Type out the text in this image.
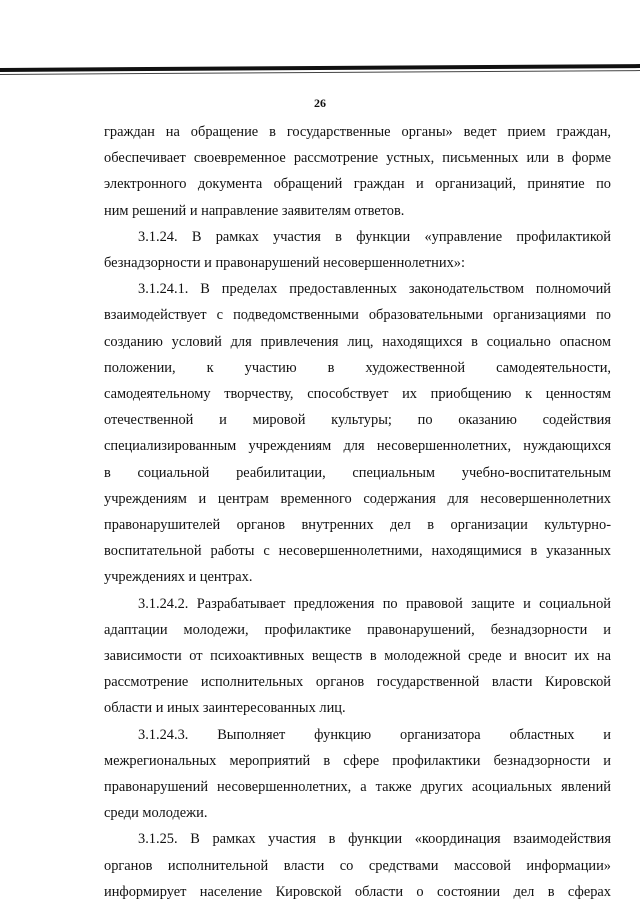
26

граждан на обращение в государственные органы» ведет прием граждан,
обеспечивает своевременное рассмотрение устных, письменных или в форме
электронного документа обращений граждан и организаций, принятие по
ним решений и направление заявителям ответов.

3.1.24. В рамках участия в функции «управление профилактикой
безнадзорности и правонарушений несовершеннолетних»:

3.1.24.1. В пределах предоставленных законодательством полномочий
взаимодействует с подведомственными образовательными организациями по
созданию условий для привлечения лиц, находящихся в социально опасном
положении, к участию в художественной самодеятельности,
самодеятельному творчеству, способствует их приобщению к ценностям
отечественной и мировой культуры; по оказанию содействия
специализированным учреждениям для несовершеннолетних, нуждающихся
в социальной реабилитации, специальным учебно-воспитательным
учреждениям и центрам временного содержания для несовершеннолетних
правонарушителей органов внутренних дел в организации культурно-
воспитательной работы с несовершеннолетними, находящимися в указанных
учреждениях и центрах.

3.1.24.2. Разрабатывает предложения по правовой защите и социальной
адаптации молодежи, профилактике правонарушений, безнадзорности и
зависимости от психоактивных веществ в молодежной среде и вносит их на
рассмотрение исполнительных органов государственной власти Кировской
области и иных заинтересованных лиц.

3.1.24.3. Выполняет функцию организатора областных и
межрегиональных мероприятий в сфере профилактики безнадзорности и
правонарушений несовершеннолетних, а также других асоциальных явлений
среди молодежи.

3.1.25. В рамках участия в функции «координация взаимодействия
органов исполнительной власти со средствами массовой информации»
информирует население Кировской области о состоянии дел в сферах
